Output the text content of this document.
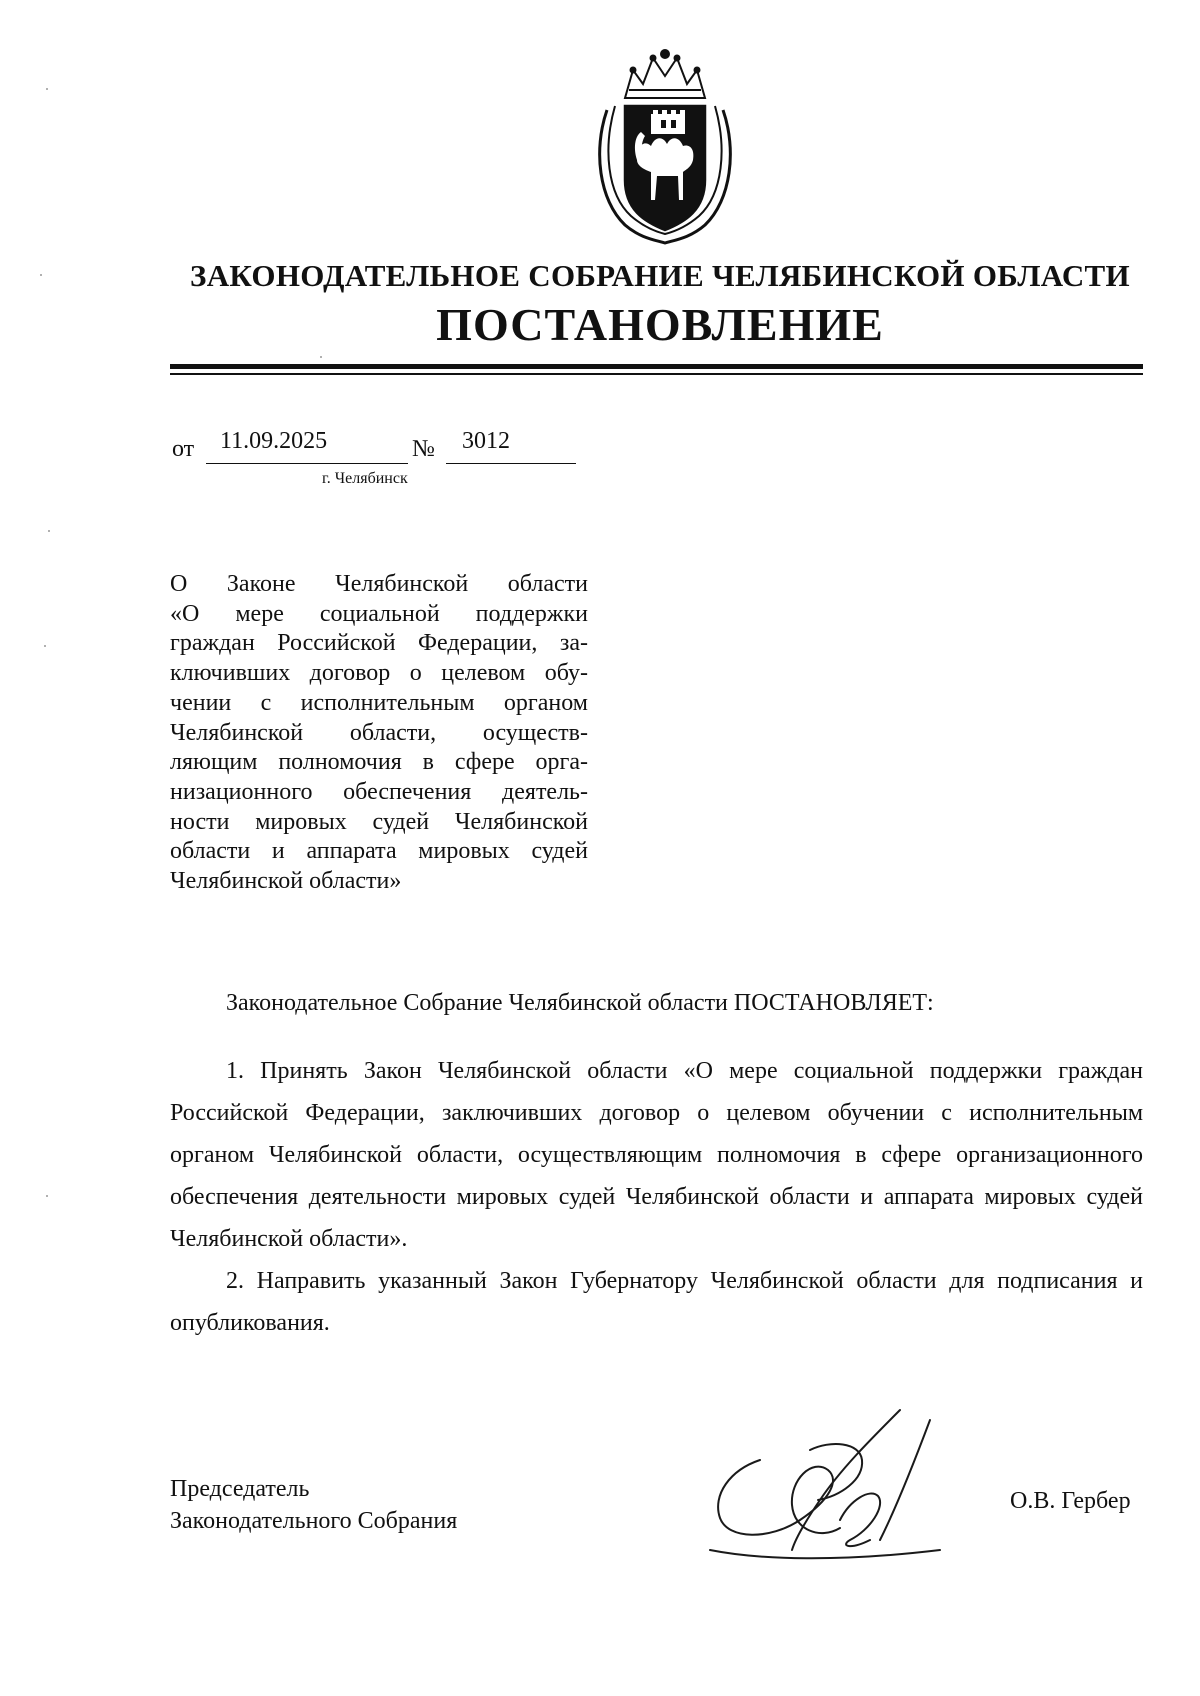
ЗАКОНОДАТЕЛЬНОЕ СОБРАНИЕ ЧЕЛЯБИНСКОЙ ОБЛАСТИ
ПОСТАНОВЛЕНИЕ
от 11.09.2025	№ 3012
г. Челябинск
О Законе Челябинской области
«О мере социальной поддержки
граждан Российской Федерации, за-
ключивших договор о целевом обу-
чении с исполнительным органом
Челябинской области, осуществ-
ляющим полномочия в сфере орга-
низационного обеспечения деятель-
ности мировых судей Челябинской
области и аппарата мировых судей
Челябинской области»
Законодательное Собрание Челябинской области ПОСТАНОВЛЯЕТ:

1. Принять Закон Челябинской области «О мере социальной поддержки граждан Российской Федерации, заключивших договор о целевом обучении с исполнительным органом Челябинской области, осуществляющим полномочия в сфере организационного обеспечения деятельности мировых судей Челябинской области и аппарата мировых судей Челябинской области».

2. Направить указанный Закон Губернатору Челябинской области для подписания и опубликования.

Председатель
Законодательного Собрания
О.В. Гербер
